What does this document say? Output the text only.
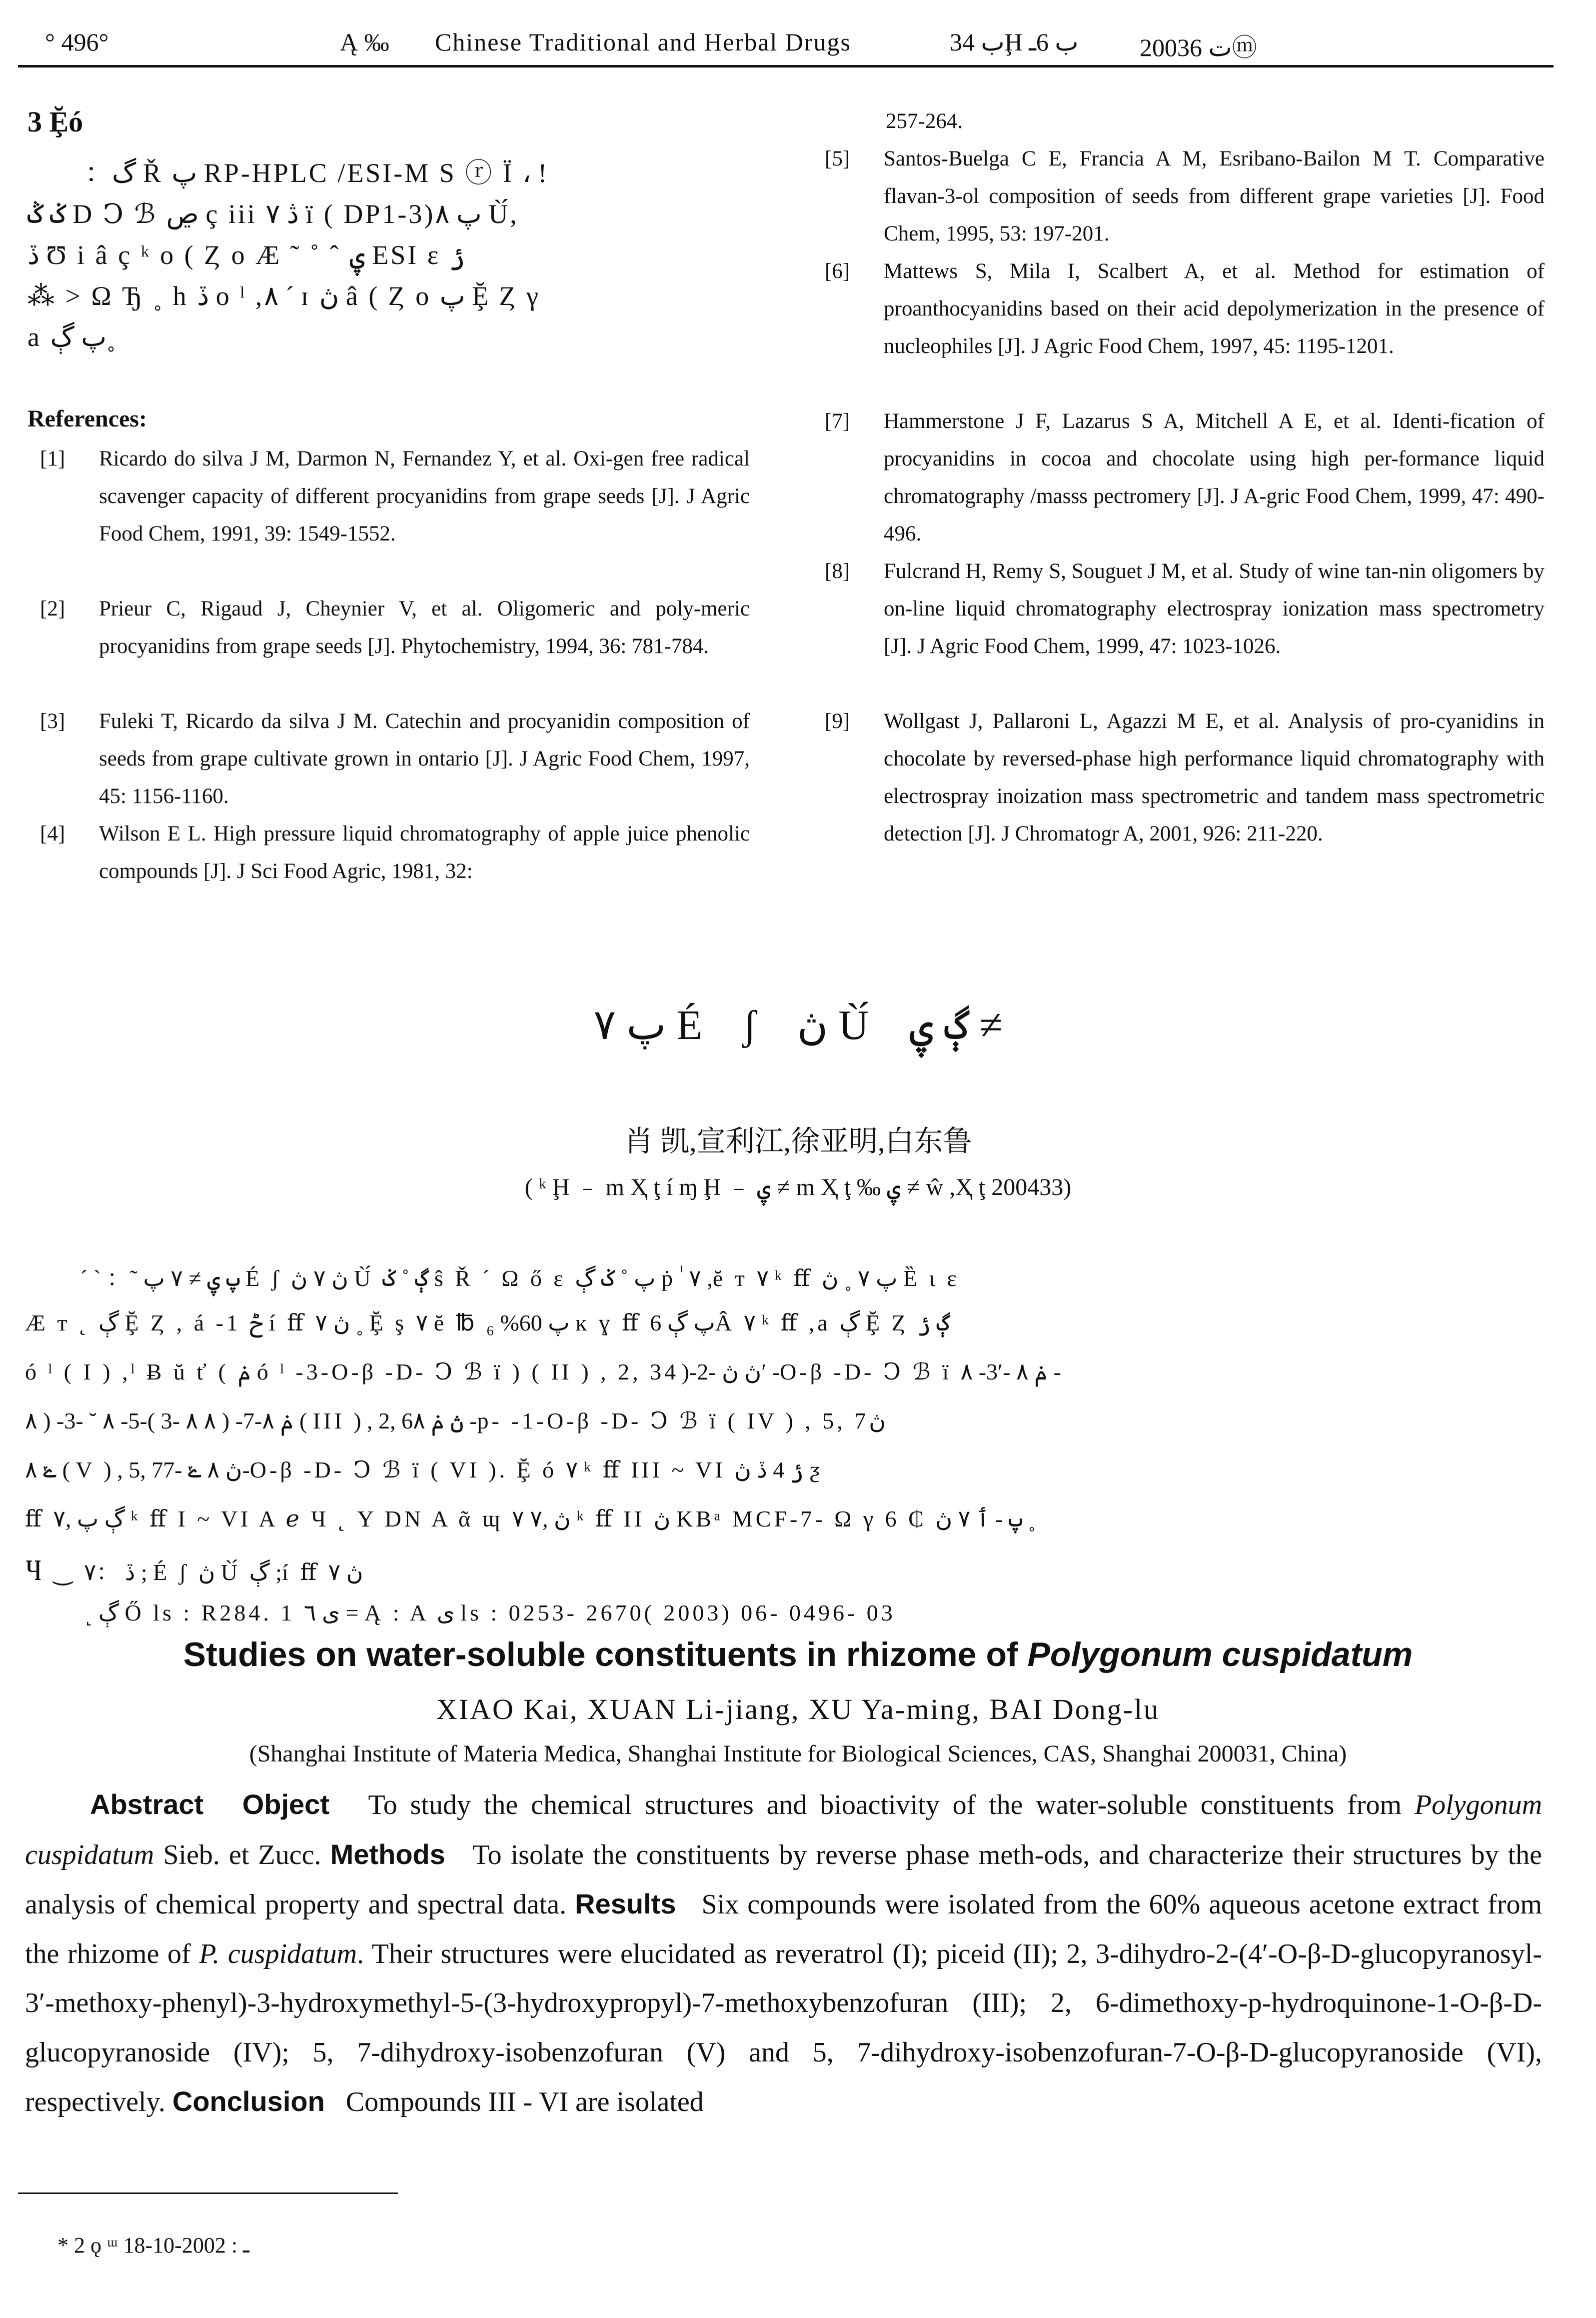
° 496°	Ą ‰ Chinese Traditional and Herbal Drugs	ب 34Ḩ ب 6ـ 2003ت 6ⓜ
3 Ḝó
：گ Ř پ RP-HPLC /ESI-M S ⓡ Ï ، !
ݢ ݣ D Ↄ ℬ ڝ ç iii ۷ ڎ ï ( DP1-3)پ ۸ Ù́,
ڏ Ʊ i â ç ᵏ o ( Ȥ o Æ ˜ ˚ ˆ ۑ ESI ɛ ݬ
⁂ > Ω Ђ ˳ h ڏ o ˡ ,۸ ˊ ɪ ڽ â ( Ȥ o پ Ḝ Ȥ γ
a پ ڳ˳
References:
[1] Ricardo do silva J M, Darmon N, Fernandez Y, et al. Oxi-gen free radical scavenger capacity of different procyanidins from grape seeds [J]. J Agric Food Chem, 1991, 39: 1549-1552.
[2] Prieur C, Rigaud J, Cheynier V, et al. Oligomeric and poly-meric procyanidins from grape seeds [J]. Phytochemistry, 1994, 36: 781-784.
[3] Fuleki T, Ricardo da silva J M. Catechin and procyanidin composition of seeds from grape cultivate grown in ontario [J]. J Agric Food Chem, 1997, 45: 1156-1160.
[4] Wilson E L. High pressure liquid chromatography of apple juice phenolic compounds [J]. J Sci Food Agric, 1981, 32:
257-264.
[5] Santos-Buelga C E, Francia A M, Esribano-Bailon M T. Comparative flavan-3-ol composition of seeds from different grape varieties [J]. Food Chem, 1995, 53: 197-201.
[6] Mattews S, Mila I, Scalbert A, et al. Method for estimation of proanthocyanidins based on their acid depolymerization in the presence of nucleophiles [J]. J Agric Food Chem, 1997, 45: 1195-1201.
[7] Hammerstone J F, Lazarus S A, Mitchell A E, et al. Identi-fication of procyanidins in cocoa and chocolate using high per-formance liquid chromatography /masss pectromery [J]. J A-gric Food Chem, 1999, 47: 490-496.
[8] Fulcrand H, Remy S, Souguet J M, et al. Study of wine tan-nin oligomers by on-line liquid chromatography electrospray ionization mass spectrometry [J]. J Agric Food Chem, 1999, 47: 1023-1026.
[9] Wollgast J, Pallaroni L, Agazzi M E, et al. Analysis of pro-cyanidins in chocolate by reversed-phase high performance liquid chromatography with electrospray inoization mass spectrometric and tandem mass spectrometric detection [J]. J Chromatogr A, 2001, 926: 211-220.
۷ پ É ʃ ڽ Ù́ ڳ ۑ ≠
肖 凯,宣利江,徐亚明,白东鲁
( ᵏ Ḩ ﹣ m Ҳ ţ í ɱ Ḩ ﹣ ۑ ≠ m Ҳ ţ ‰ ۑ ≠ ŵ ,Ҳ ţ 200433)
ˊ ˋ ：˜ پ ۑ ≠ ۷ پ É ʃ ڽ ۷ ڽ Ù́ ڳ ˚ ݢ ŝ Ř ˊ Ω ő ɛ پ ˚ ݢ ڳ ṗ ٰ ۷ ,ĕ ᴛ ۷ ᵏ ﬀ پ ۷ ˳ ڽ Ȅ ɩ ɛ
Æ ᴛ ˛ ڳ Ḝ Ȥ , á -1 ݲ í ﬀ ۷ ڽ ˳ Ḝ ş ۷ ĕ ℔ پ 60% ₆ ĸ ɣ ﬀ پ ڳ 6Â ۷ ᵏ ﬀ ,a ڳ Ḝ Ȥ ڳ ݬ
ó ˡ ( I ) ,ˡ Ƀ ŭ ť ( ݥ ó ˡ -3-O-β -D- Ↄ ℬ ï ) ( II ) , 2, 3ڽ ڽ -2-( 4′ -O-β -D- Ↄ ℬ ï ۸ -3′- ݥ ۸ -
۸ ) -3- ˘ ۸ -5-( 3- ۸ ۸ ) -7-ݥ ۸ ( III ) , 2, 6ڽ ݥ ۸ -p- -1-O-β -D- Ↄ ℬ ï ( IV ) , 5, 7ڽ
۸ ݺ ( V ) , 5, 7ڽ ۸ ݺ -7-O-β -D- Ↄ ℬ ï ( VI ). Ḝ ó ۷ ᵏ ﬀ III ~ VI ݬ 4 ڏ ڽ ƺ
ﬀ ڳ پ ,۷ ᵏ ﬀ I ~ VI A ℯ Ч ˛ Y DN A ᾶ ɰ ۷ ڽ ,۷ ᵏ ﬀ II ڽ KBᵃ MCF-7- Ω γ 6 ₵ پ - ٲ ۷ ڽ ˳
Ⴗ ‿ ڏ ：۷ ; É ʃ ڽ Ù́ ڳ ;í ﬀ ۷ ڽ
˻ ڳ Ő ls : R284. 1 ی ٦ = Ą : A ی ls : 0253- 2670( 2003) 06- 0496- 03
Studies on water-soluble constituents in rhizome of Polygonum cuspidatum
XIAO Kai, XUAN Li-jiang, XU Ya-ming, BAI Dong-lu
(Shanghai Institute of Materia Medica, Shanghai Institute for Biological Sciences, CAS, Shanghai 200031, China)
Abstract Object To study the chemical structures and bioactivity of the water-soluble constituents from Polygonum cuspidatum Sieb. et Zucc. Methods To isolate the constituents by reverse phase meth-ods, and characterize their structures by the analysis of chemical property and spectral data. Results Six compounds were isolated from the 60% aqueous acetone extract from the rhizome of P. cuspidatum. Their structures were elucidated as reveratrol (I); piceid (II); 2, 3-dihydro-2-(4′-O-β-D-glucopyranosyl-3′-methoxy-phenyl)-3-hydroxymethyl-5-(3-hydroxypropyl)-7-methoxybenzofuran (III); 2, 6-dimethoxy-p-hydroquinone-1-O-β-D-glucopyranoside (IV); 5, 7-dihydroxy-isobenzofuran (V) and 5, 7-dihydroxy-isobenzofuran-7-O-β-D-glucopyranoside (VI), respectively. Conclusion Compounds III - VI are isolated
* 2 ǫ ᵚ ـ : 2002-10-18
